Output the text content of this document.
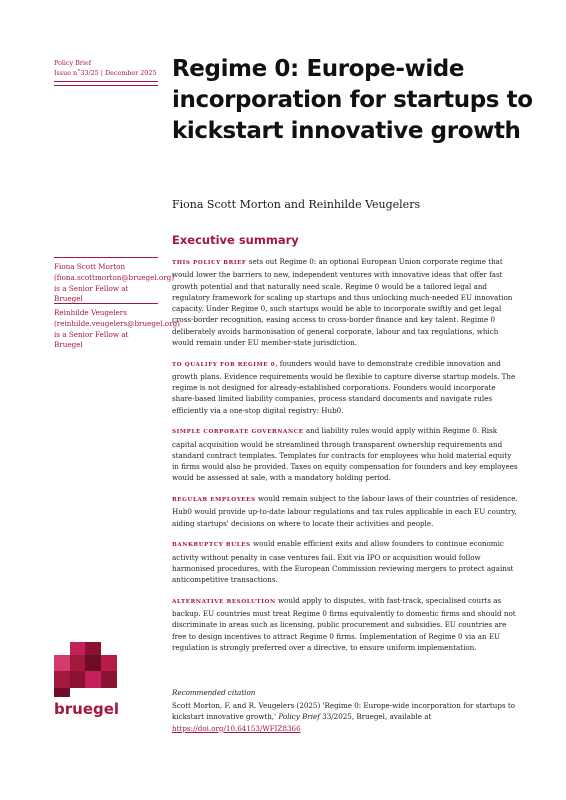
Policy Brief
Issue n˚33/25 | December 2025 Regime 0: Europe-wide incorporation for startups to kickstart innovative growth

Fiona Scott Morton and Reinhilde Veugelers

Fiona Scott Morton (fiona.scottmorton@bruegel.org) is a Senior Fellow at Bruegel
Reinhilde Veugelers (reinhilde.veugelers@bruegel.org) is a Senior Fellow at Bruegel
Executive summary

THIS POLICY BRIEF sets out Regime 0: an optional European Union corporate regime that would lower the barriers to new, independent ventures with innovative ideas that offer fast growth potential and that naturally need scale. Regime 0 would be a tailored legal and regulatory framework for scaling up startups and thus unlocking much-needed EU innovation capacity. Under Regime 0, such startups would be able to incorporate swiftly and get legal cross-border recognition, easing access to cross-border finance and key talent. Regime 0 deliberately avoids harmonisation of general corporate, labour and tax regulations, which would remain under EU member-state jurisdiction.

TO QUALIFY FOR REGIME 0, founders would have to demonstrate credible innovation and growth plans. Evidence requirements would be flexible to capture diverse startup models. The regime is not designed for already-established corporations. Founders would incorporate share-based limited liability companies, process standard documents and navigate rules efficiently via a one-stop digital registry: Hub0.

SIMPLE CORPORATE GOVERNANCE and liability rules would apply within Regime 0. Risk capital acquisition would be streamlined through transparent ownership requirements and standard contract templates. Templates for contracts for employees who hold material equity in firms would also be provided. Taxes on equity compensation for founders and key employees would be assessed at sale, with a mandatory holding period.

REGULAR EMPLOYEES would remain subject to the labour laws of their countries of residence. Hub0 would provide up-to-date labour regulations and tax rules applicable in each EU country, aiding startups' decisions on where to locate their activities and people.

BANKRUPTCY RULES would enable efficient exits and allow founders to continue economic activity without penalty in case ventures fail. Exit via IPO or acquisition would follow harmonised procedures, with the European Commission reviewing mergers to protect against anticompetitive transactions.

ALTERNATIVE RESOLUTION would apply to disputes, with fast-track, specialised courts as backup. EU countries must treat Regime 0 firms equivalently to domestic firms and should not discriminate in areas such as licensing, public procurement and subsidies. EU countries are free to design incentives to attract Regime 0 firms. Implementation of Regime 0 via an EU regulation is strongly preferred over a directive, to ensure uniform implementation.

Recommended citation

Scott Morton, F. and R. Veugelers (2025) 'Regime 0: Europe-wide incorporation for startups to kickstart innovative growth,' Policy Brief 33/2025, Bruegel, available at https://doi.org/10.64153/WFIZ8366

bruegel
